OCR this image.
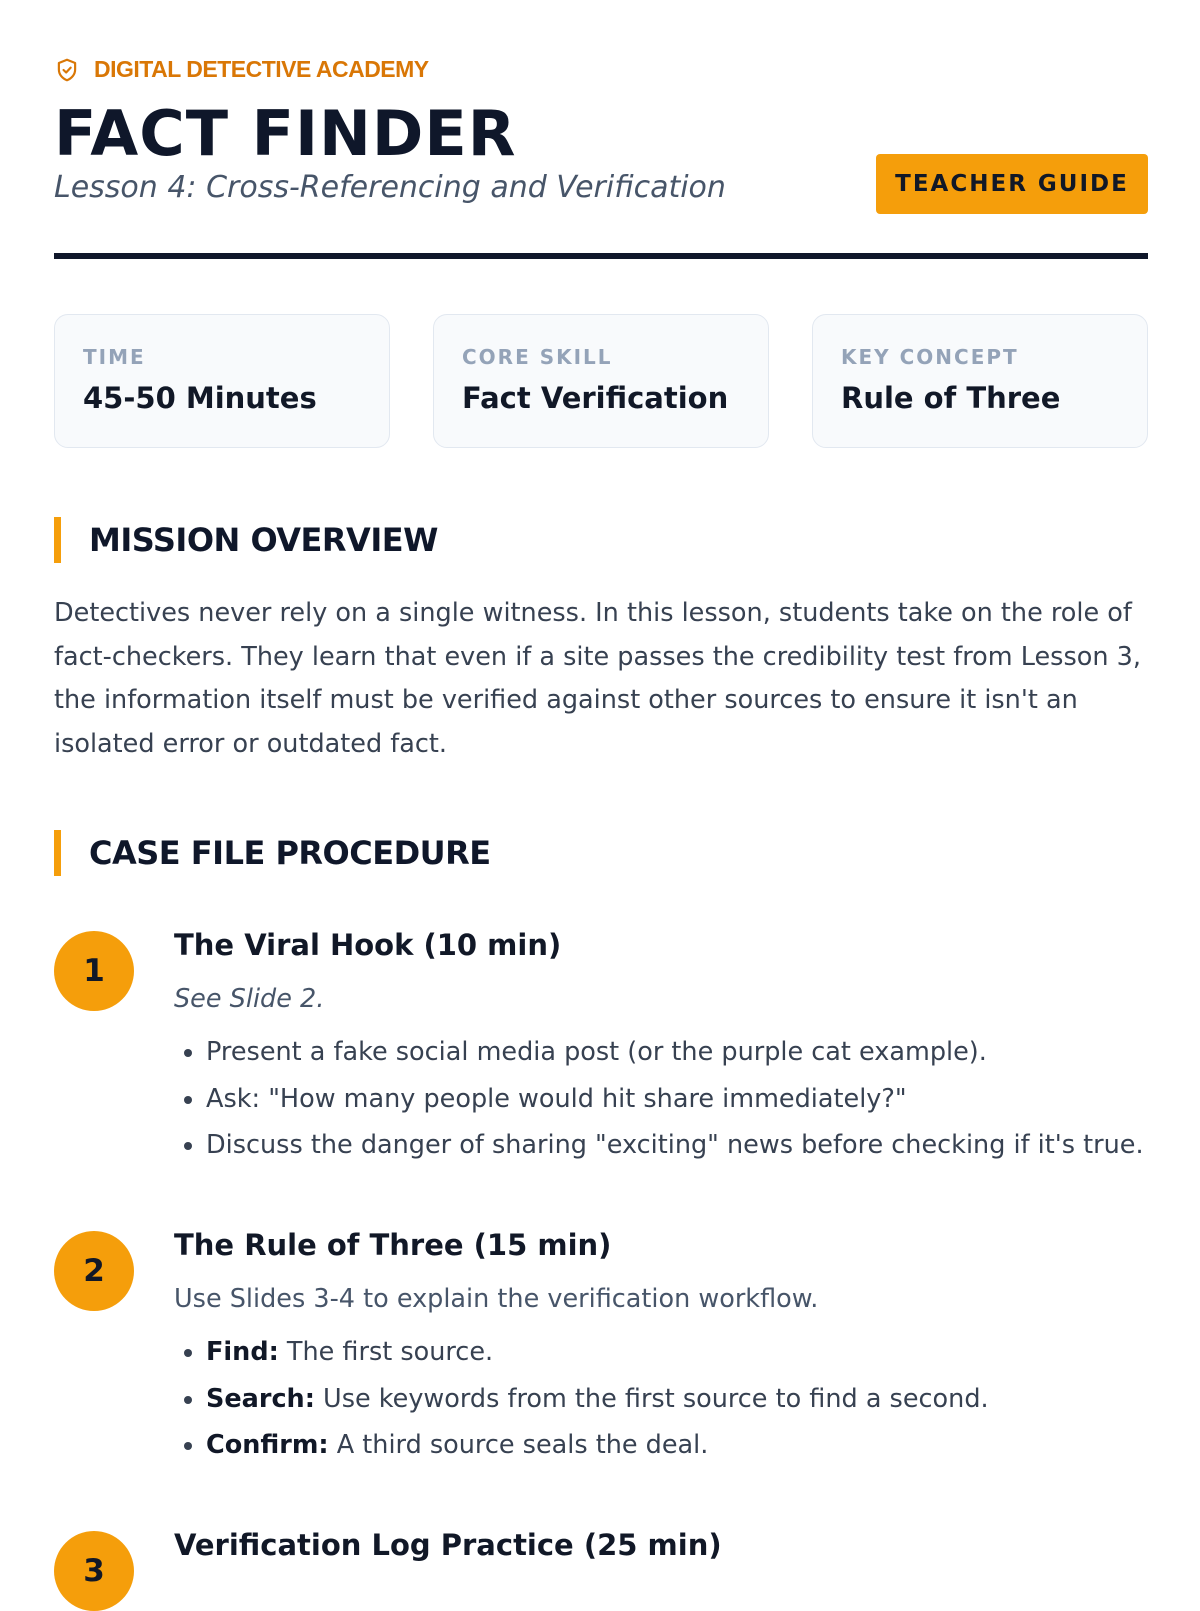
DIGITAL DETECTIVE ACADEMY
FACT FINDER
Lesson 4: Cross-Referencing and Verification	TEACHER GUIDE
TIME
45-50 Minutes
CORE SKILL
Fact Verification
KEY CONCEPT
Rule of Three
MISSION OVERVIEW

Detectives never rely on a single witness. In this lesson, students take on the role of fact-checkers. They learn that even if a site passes the credibility test from Lesson 3, the information itself must be verified against other sources to ensure it isn't an isolated error or outdated fact.

CASE FILE PROCEDURE
1
The Viral Hook (10 min)

See Slide 2.

• Present a fake social media post (or the purple cat example).
• Ask: "How many people would hit share immediately?"
• Discuss the danger of sharing "exciting" news before checking if it's true.
2
The Rule of Three (15 min)

Use Slides 3-4 to explain the verification workflow.

• Find: The first source.
• Search: Use keywords from the first source to find a second.
• Confirm: A third source seals the deal.
3
Verification Log Practice (25 min)
